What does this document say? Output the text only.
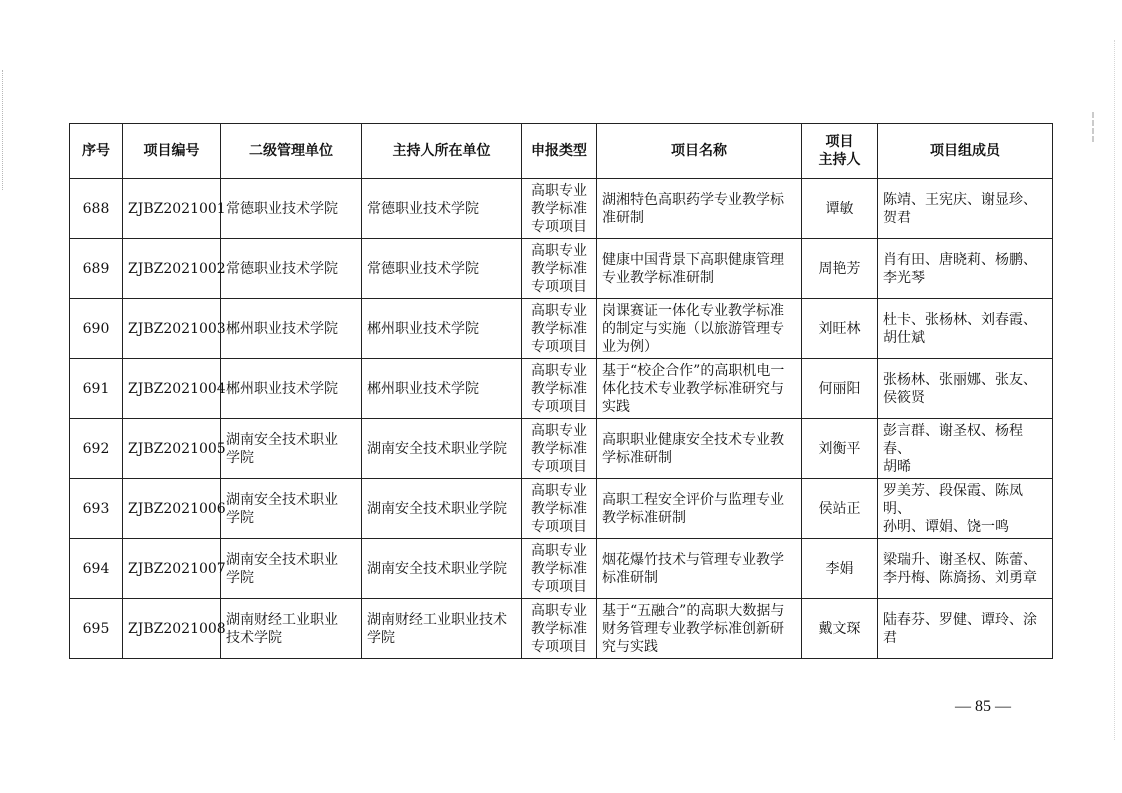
序号	项目编号	二级管理单位	主持人所在单位	申报类型	项目名称	项目
主持人	项目组成员
688	ZJBZ2021001	常德职业技术学院	常德职业技术学院	高职专业
教学标准
专项项目	湖湘特色高职药学专业教学标
准研制	谭敏	陈靖、王宪庆、谢显珍、
贺君
689	ZJBZ2021002	常德职业技术学院	常德职业技术学院	高职专业
教学标准
专项项目	健康中国背景下高职健康管理
专业教学标准研制	周艳芳	肖有田、唐晓莉、杨鹏、
李光琴
690	ZJBZ2021003	郴州职业技术学院	郴州职业技术学院	高职专业
教学标准
专项项目	岗课赛证一体化专业教学标准
的制定与实施（以旅游管理专
业为例）	刘旺林	杜卡、张杨林、刘春霞、
胡仕斌
691	ZJBZ2021004	郴州职业技术学院	郴州职业技术学院	高职专业
教学标准
专项项目	基于“校企合作”的高职机电一
体化技术专业教学标准研究与
实践	何丽阳	张杨林、张丽娜、张友、
侯筱贤
692	ZJBZ2021005	湖南安全技术职业
学院	湖南安全技术职业学院	高职专业
教学标准
专项项目	高职职业健康安全技术专业教
学标准研制	刘衡平	彭言群、谢圣权、杨程春、
胡晞
693	ZJBZ2021006	湖南安全技术职业
学院	湖南安全技术职业学院	高职专业
教学标准
专项项目	高职工程安全评价与监理专业
教学标准研制	侯站正	罗美芳、段保霞、陈凤明、
孙明、谭娟、饶一鸣
694	ZJBZ2021007	湖南安全技术职业
学院	湖南安全技术职业学院	高职专业
教学标准
专项项目	烟花爆竹技术与管理专业教学
标准研制	李娟	梁瑞升、谢圣权、陈蕾、
李丹梅、陈旖扬、刘勇章
695	ZJBZ2021008	湖南财经工业职业
技术学院	湖南财经工业职业技术
学院	高职专业
教学标准
专项项目	基于“五融合”的高职大数据与
财务管理专业教学标准创新研
究与实践	戴文琛	陆春芬、罗健、谭玲、涂君
— 85 —
